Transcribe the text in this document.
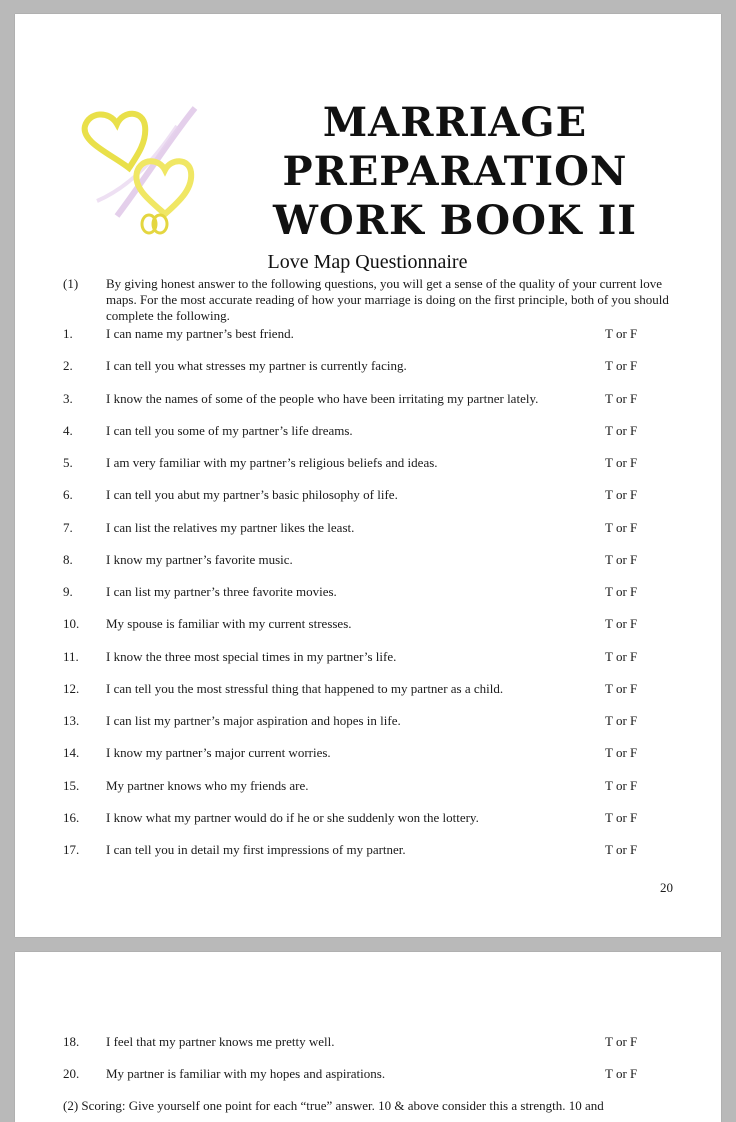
MARRIAGE
PREPARATION
WORK BOOK II
Love Map Questionnaire
(1) By giving honest answer to the following questions, you will get a sense of the quality of your current love maps. For the most accurate reading of how your marriage is doing on the first principle, both of you should complete the following.
1.	I can name my partner’s best friend.	T or F
2.	I can tell you what stresses my partner is currently facing.	T or F
3.	I know the names of some of the people who have been irritating my partner lately.	T or F
4.	I can tell you some of my partner’s life dreams.	T or F
5.	I am very familiar with my partner’s religious beliefs and ideas.	T or F
6.	I can tell you abut my partner’s basic philosophy of life.	T or F
7.	I can list the relatives my partner likes the least.	T or F
8.	I know my partner’s favorite music.	T or F
9.	I can list my partner’s three favorite movies.	T or F
10. My spouse is familiar with my current stresses.	T or F
11. I know the three most special times in my partner’s life.	T or F
12. I can tell you the most stressful thing that happened to my partner as a child.	T or F
13. I can list my partner’s major aspiration and hopes in life.	T or F
14. I know my partner’s major current worries.	T or F
15. My partner knows who my friends are.	T or F
16. I know what my partner would do if he or she suddenly won the lottery.	T or F
17. I can tell you in detail my first impressions of my partner.	T or F
20
18. I feel that my partner knows me pretty well.	T or F
20. My partner is familiar with my hopes and aspirations.	T or F
(2) Scoring: Give yourself one point for each “true” answer. 10 & above consider this a strength. 10 and
